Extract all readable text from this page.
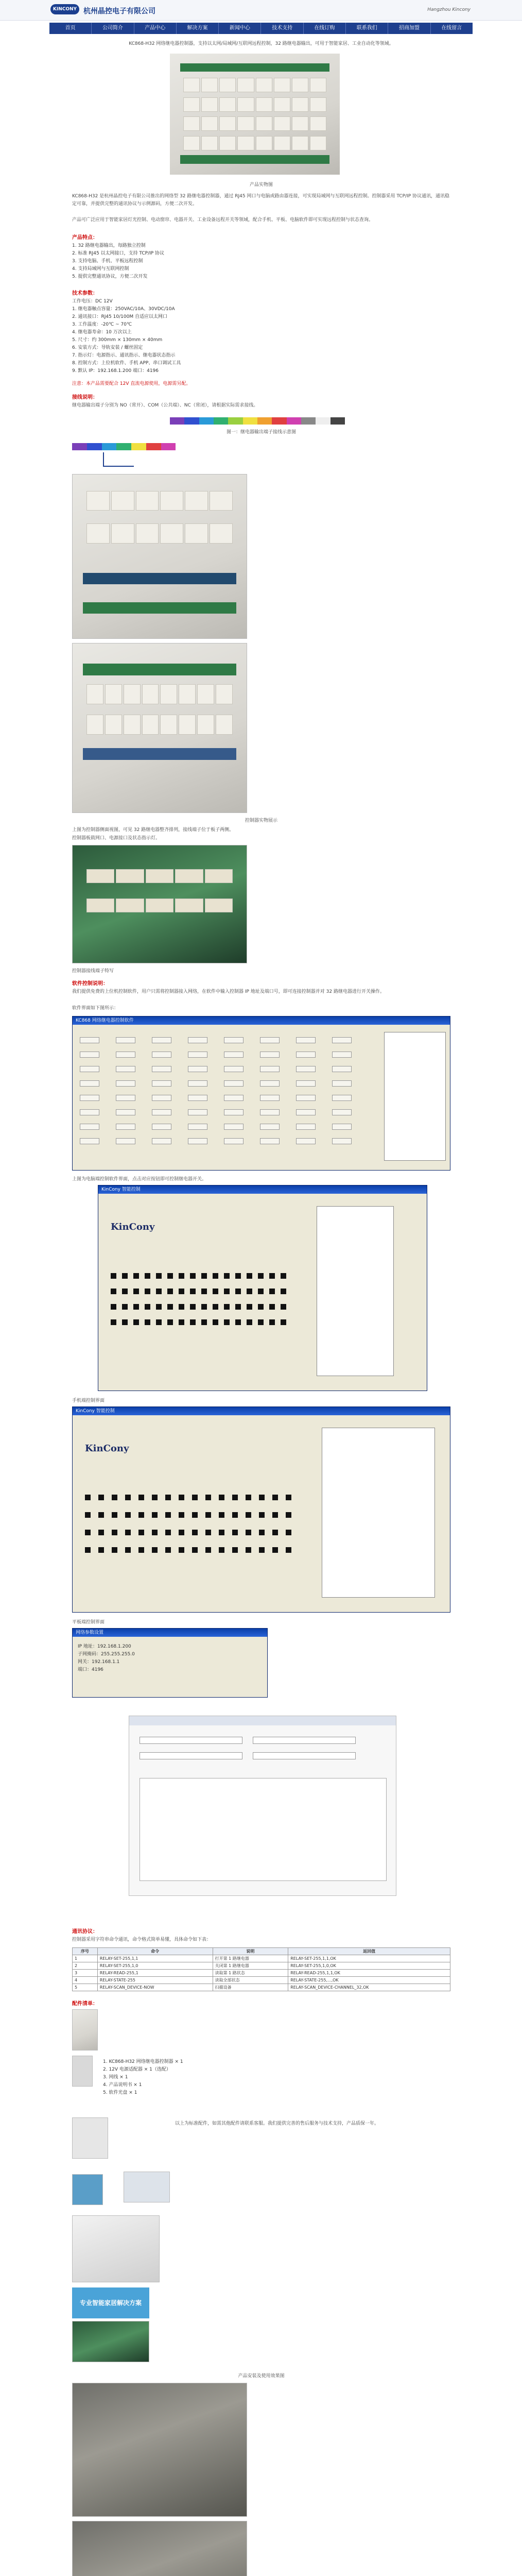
KINCONY 杭州晶控电子有限公司	Hangzhou Kincony
首页	公司简介	产品中心	解决方案	新闻中心	技术支持	在线订购	联系我们	招商加盟	在线留言
KC868-H32 网络继电器控制器，支持以太网/局域网/互联网远程控制，32 路继电器输出，可用于智能家居、工业自动化等领域。
产品实物图
KC868-H32 是杭州晶控电子有限公司推出的网络型 32 路继电器控制器，通过 RJ45 网口与电脑或路由器连接，可实现局域网与互联网远程控制。控制器采用 TCP/IP 协议通讯，通讯稳定可靠，并提供完整的通讯协议与示例源码，方便二次开发。
产品可广泛应用于智能家居灯光控制、电动窗帘、电器开关、工业设备远程开关等领域，配合手机、平板、电脑软件即可实现远程控制与状态查询。
产品特点：
1. 32 路继电器输出，每路独立控制
2. 标准 RJ45 以太网接口，支持 TCP/IP 协议
3. 支持电脑、手机、平板远程控制
4. 支持局域网与互联网控制
5. 提供完整通讯协议，方便二次开发
技术参数：
工作电压：DC 12V
1. 继电器触点容量：250VAC/10A、30VDC/10A
2. 通讯接口：RJ45 10/100M 自适应以太网口
3. 工作温度：-20℃ ~ 70℃
4. 继电器寿命：10 万次以上
5. 尺寸：约 300mm × 130mm × 40mm
6. 安装方式：导轨安装 / 螺丝固定
7. 指示灯：电源指示、通讯指示、继电器状态指示
8. 控制方式：上位机软件、手机 APP、串口调试工具
9. 默认 IP：192.168.1.200 端口：4196
注意：本产品需要配合 12V 直流电源使用，电源需另配。
接线说明：
继电器输出端子分别为 NO（常开）、COM（公共端）、NC（常闭），请根据实际需求接线。
图一：继电器输出端子接线示意图
控制器实物展示
上图为控制器侧面视图，可见 32 路继电器整齐排列，接线端子位于板子两侧。
控制器板载网口、电源接口及状态指示灯。
控制器接线端子特写
软件控制说明：
我们提供免费的上位机控制软件，用户只需将控制器接入网络，在软件中输入控制器 IP 地址及端口号，即可连接控制器并对 32 路继电器进行开关操作。
软件界面如下图所示：
KC868 网络继电器控制软件
上图为电脑端控制软件界面，点击对应按钮即可控制继电器开关。
KinCony 智能控制
KinCony
手机端控制界面
KinCony 智能控制
KinCony
平板端控制界面
网络参数设置
IP 地址：192.168.1.200
子网掩码：255.255.255.0
网关：192.168.1.1
端口：4196
通讯协议：
控制器采用字符串命令通讯，命令格式简单易懂，具体命令如下表：
序号	命令	说明	返回值
1	RELAY-SET-255,1,1	打开第 1 路继电器	RELAY-SET-255,1,1,OK
2	RELAY-SET-255,1,0	关闭第 1 路继电器	RELAY-SET-255,1,0,OK
3	RELAY-READ-255,1	读取第 1 路状态	RELAY-READ-255,1,1,OK
4	RELAY-STATE-255	读取全部状态	RELAY-STATE-255,...,OK
5	RELAY-SCAN_DEVICE-NOW	扫描设备	RELAY-SCAN_DEVICE-CHANNEL_32,OK
配件清单：
1. KC868-H32 网络继电器控制器 × 1
2. 12V 电源适配器 × 1（选配）
3. 网线 × 1
4. 产品说明书 × 1
5. 软件光盘 × 1
以上为标准配件，如需其他配件请联系客服。我们提供完善的售后服务与技术支持，产品质保一年。
专业智能家居解决方案
产品安装及使用效果图
